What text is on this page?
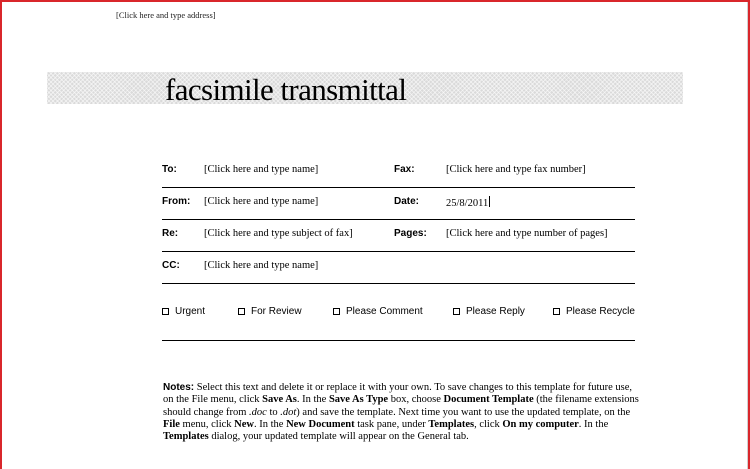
[Click here and type address]
facsimile transmittal
To:	[Click here and type name]	Fax:	[Click here and type fax number]
From: [Click here and type name]	Date:	25/8/2011
Re: [Click here and type subject of fax]	Pages: [Click here and type number of pages]
CC: [Click here and type name]
Urgent	For Review	Please Comment	Please Reply	Please Recycle
Notes: Select this text and delete it or replace it with your own. To save changes to this template for future use, on the File menu, click Save As. In the Save As Type box, choose Document Template (the filename extensions should change from .doc to .dot) and save the template. Next time you want to use the updated template, on the File menu, click New. In the New Document task pane, under Templates, click On my computer. In the Templates dialog, your updated template will appear on the General tab.
